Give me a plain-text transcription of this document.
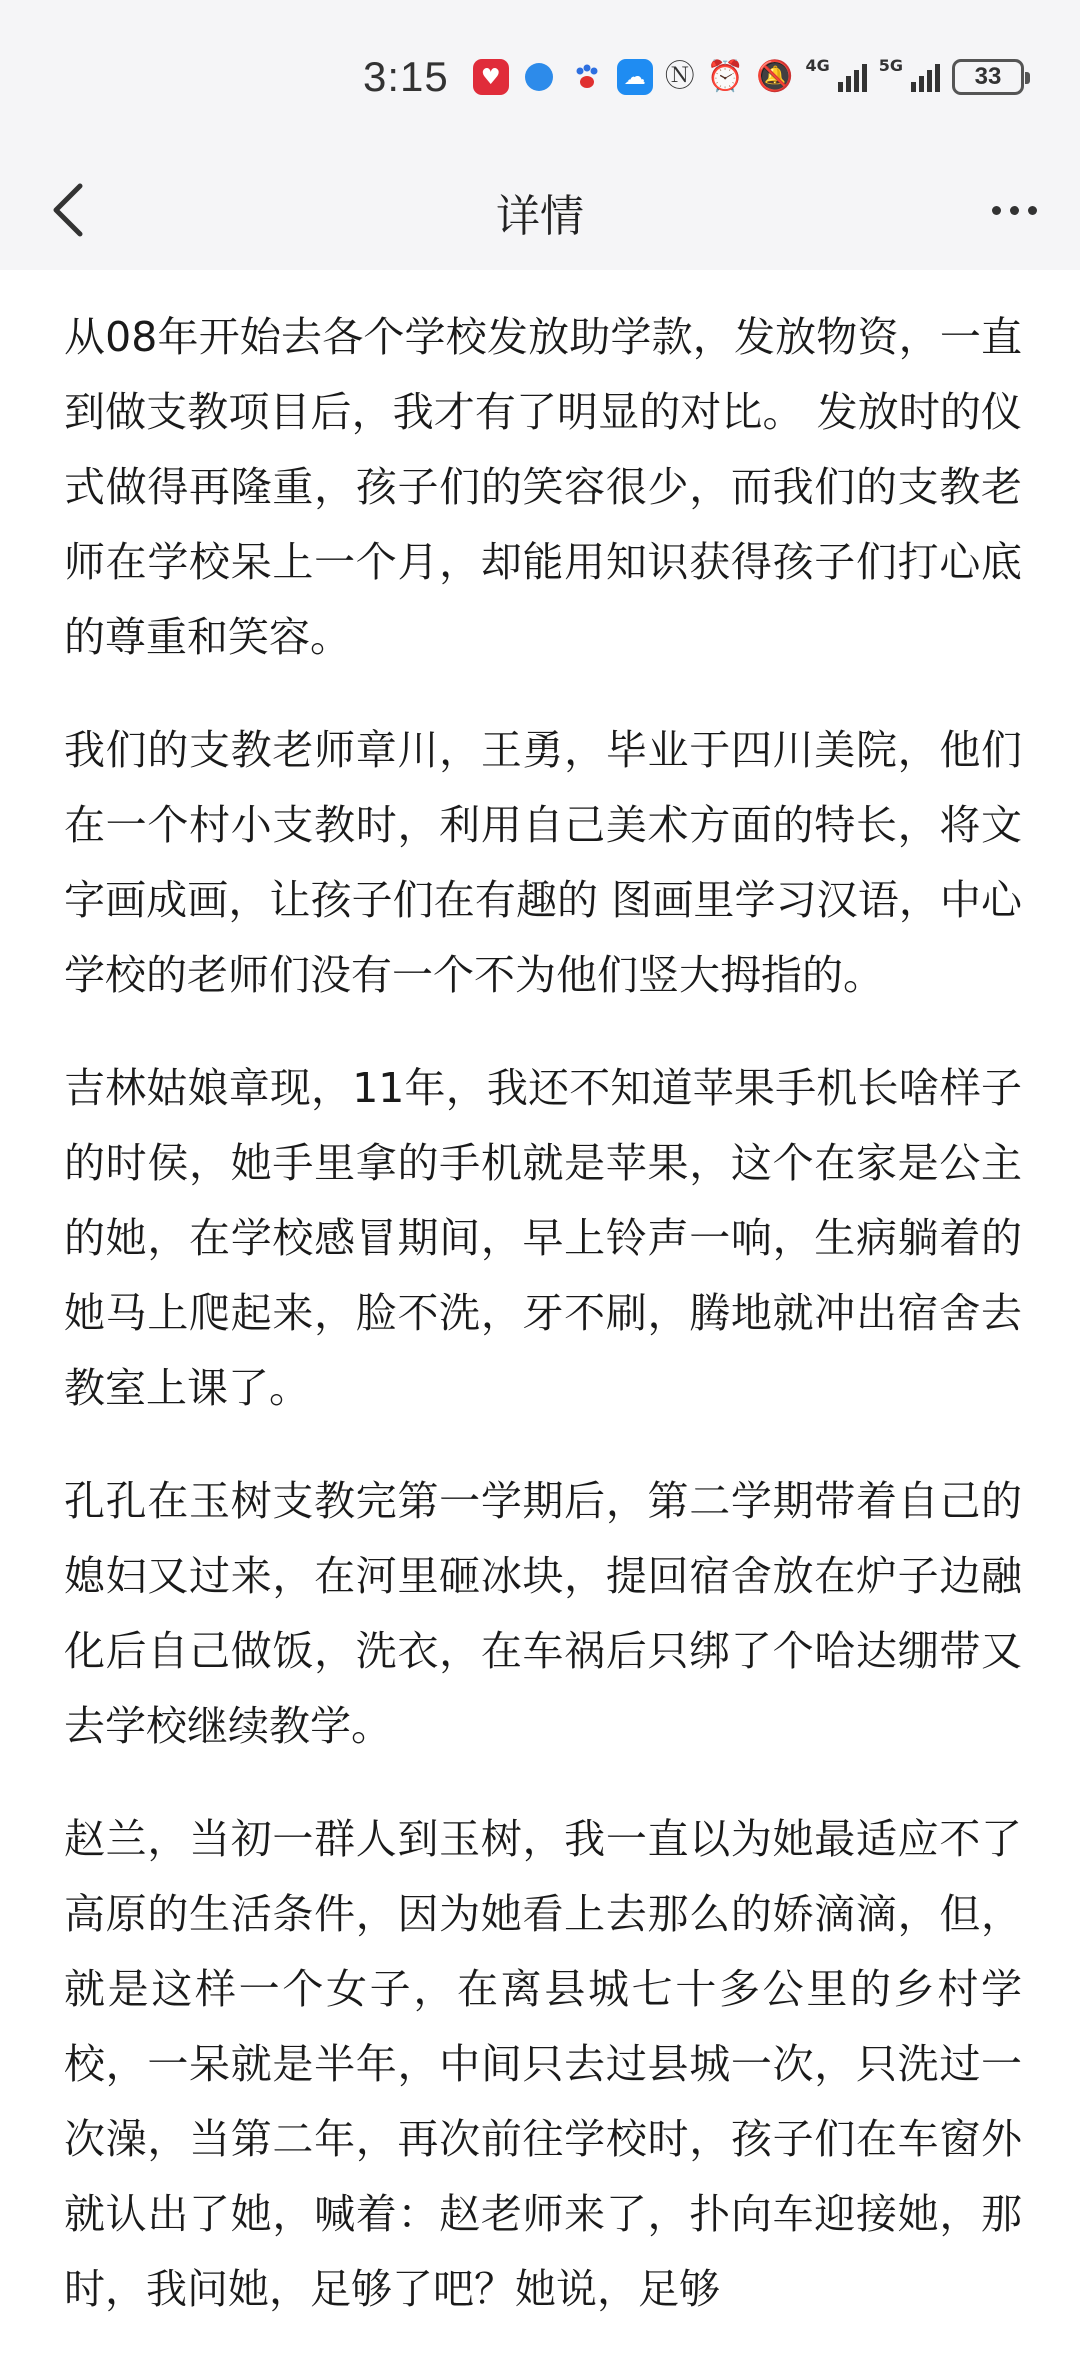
3:15	♥	☁ Ⓝ ⏰ 🔕 4G	5G	33
详情

从08年开始去各个学校发放助学款，发放物资，一直到做支教项目后，我才有了明显的对比。 发放时的仪式做得再隆重，孩子们的笑容很少，而我们的支教老师在学校呆上一个月，却能用知识获得孩子们打心底的尊重和笑容。

我们的支教老师章川，王勇，毕业于四川美院，他们在一个村小支教时，利用自己美术方面的特长，将文字画成画，让孩子们在有趣的 图画里学习汉语，中心学校的老师们没有一个不为他们竖大拇指的。

吉林姑娘章现，11年，我还不知道苹果手机长啥样子的时侯，她手里拿的手机就是苹果，这个在家是公主的她，在学校感冒期间，早上铃声一响，生病躺着的她马上爬起来，脸不洗，牙不刷，腾地就冲出宿舍去教室上课了。

孔孔在玉树支教完第一学期后，第二学期带着自己的媳妇又过来，在河里砸冰块，提回宿舍放在炉子边融化后自己做饭，洗衣，在车祸后只绑了个哈达绷带又去学校继续教学。

赵兰，当初一群人到玉树，我一直以为她最适应不了高原的生活条件，因为她看上去那么的娇滴滴，但，就是这样一个女子，在离县城七十多公里的乡村学校，一呆就是半年，中间只去过县城一次，只洗过一次澡，当第二年，再次前往学校时，孩子们在车窗外就认出了她，喊着：赵老师来了，扑向车迎接她，那时，我问她，足够了吧？她说，足够
